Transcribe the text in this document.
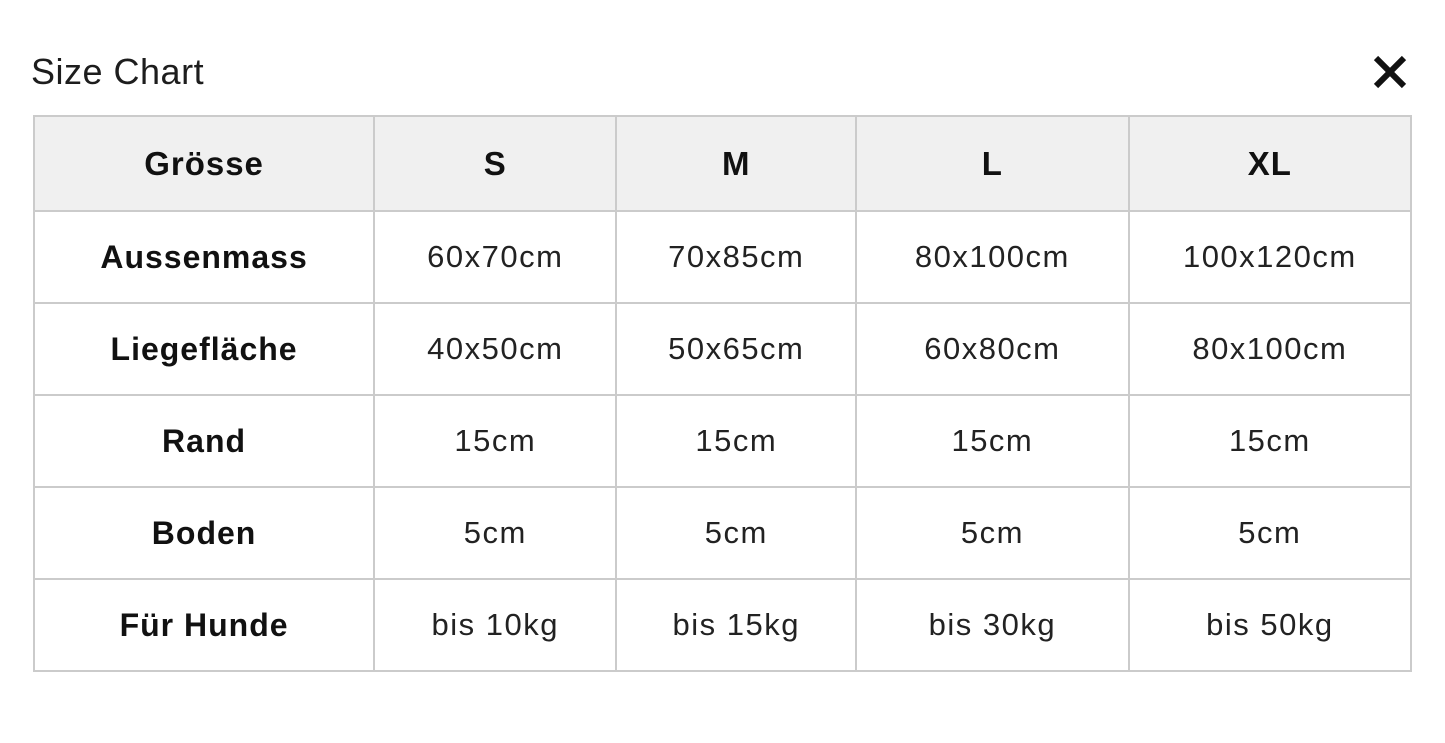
Size Chart
Grösse	S	M	L	XL
Aussenmass	60x70cm	70x85cm	80x100cm	100x120cm
Liegefläche	40x50cm	50x65cm	60x80cm	80x100cm
Rand	15cm	15cm	15cm	15cm
Boden	5cm	5cm	5cm	5cm
Für Hunde	bis 10kg	bis 15kg	bis 30kg	bis 50kg
